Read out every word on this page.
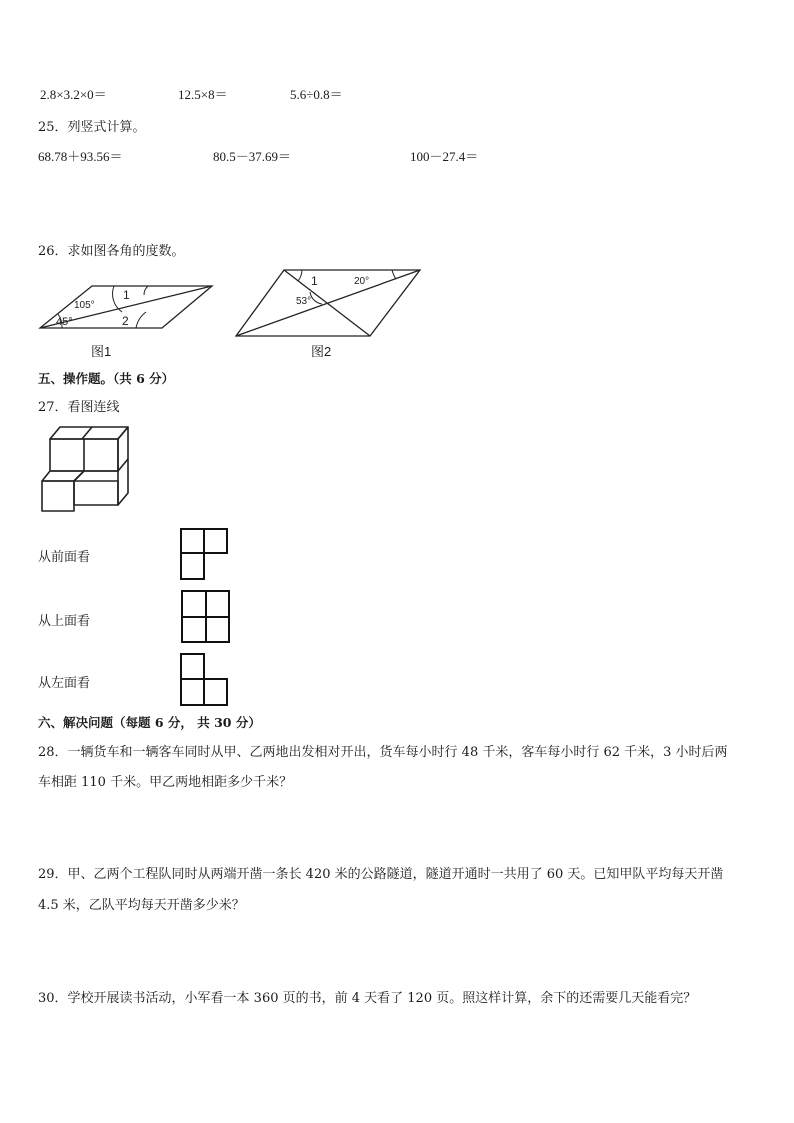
2.8×3.2×0＝	12.5×8＝	5.6÷0.8＝
25．列竖式计算。
68.78＋93.56＝	80.5－37.69＝	100－27.4＝
26．求如图各角的度数。
105°
45°
1
2
图1
1	20°
53°
图2
五、操作题。（共 6 分）
27．看图连线
从前面看
从上面看
从左面看
六、解决问题（每题 6 分， 共 30 分）
28．一辆货车和一辆客车同时从甲、乙两地出发相对开出，货车每小时行 48 千米，客车每小时行 62 千米，3 小时后两
车相距 110 千米。甲乙两地相距多少千米？
29．甲、乙两个工程队同时从两端开凿一条长 420 米的公路隧道，隧道开通时一共用了 60 天。已知甲队平均每天开凿
4.5 米，乙队平均每天开凿多少米？
30．学校开展读书活动，小军看一本 360 页的书，前 4 天看了 120 页。照这样计算，余下的还需要几天能看完？
